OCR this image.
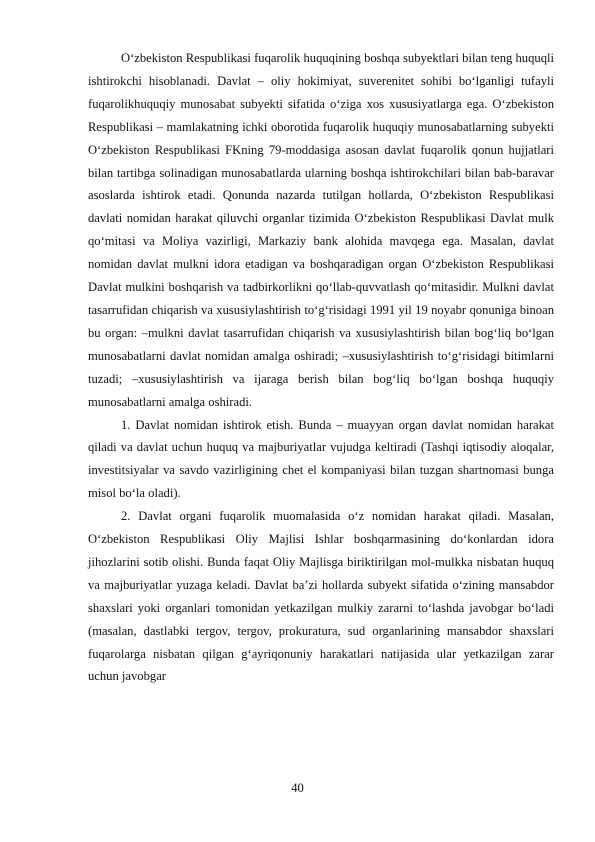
O‘zbekiston Respublikasi fuqarolik huquqining boshqa subyektlari bilan teng huquqli ishtirokchi hisoblanadi. Davlat – oliy hokimiyat, suverenitet sohibi bo‘lganligi tufayli fuqarolikhuquqiy munosabat subyekti sifatida o‘ziga xos xususiyatlarga ega. O‘zbekiston Respublikasi – mamlakatning ichki oborotida fuqarolik huquqiy munosabatlarning subyekti O‘zbekiston Respublikasi FKning 79-moddasiga asosan davlat fuqarolik qonun hujjatlari bilan tartibga solinadigan munosabatlarda ularning boshqa ishtirokchilari bilan bab-baravar asoslarda ishtirok etadi. Qonunda nazarda tutilgan hollarda, O‘zbekiston Respublikasi davlati nomidan harakat qiluvchi organlar tizimida O‘zbekiston Respublikasi Davlat mulk qo‘mitasi va Moliya vazirligi, Markaziy bank alohida mavqega ega. Masalan, davlat nomidan davlat mulkni idora etadigan va boshqaradigan organ O‘zbekiston Respublikasi Davlat mulkini boshqarish va tadbirkorlikni qo‘llab-quvvatlash qo‘mitasidir. Mulkni davlat tasarrufidan chiqarish va xususiylashtirish to‘g‘risidagi 1991 yil 19 noyabr qonuniga binoan bu organ: –mulkni davlat tasarrufidan chiqarish va xususiylashtirish bilan bog‘liq bo‘lgan munosabatlarni davlat nomidan amalga oshiradi; –xususiylashtirish to‘g‘risidagi bitimlarni tuzadi; –xususiylashtirish va ijaraga berish bilan bog‘liq bo‘lgan boshqa huquqiy munosabatlarni amalga oshiradi.

1. Davlat nomidan ishtirok etish. Bunda – muayyan organ davlat nomidan harakat qiladi va davlat uchun huquq va majburiyatlar vujudga keltiradi (Tashqi iqtisodiy aloqalar, investitsiyalar va savdo vazirligining chet el kompaniyasi bilan tuzgan shartnomasi bunga misol bo‘la oladi).

2. Davlat organi fuqarolik muomalasida o‘z nomidan harakat qiladi. Masalan, O‘zbekiston Respublikasi Oliy Majlisi Ishlar boshqarmasining do‘konlardan idora jihozlarini sotib olishi. Bunda faqat Oliy Majlisga biriktirilgan mol-mulkka nisbatan huquq va majburiyatlar yuzaga keladi. Davlat ba’zi hollarda subyekt sifatida o‘zining mansabdor shaxslari yoki organlari tomonidan yetkazilgan mulkiy zararni to‘lashda javobgar bo‘ladi (masalan, dastlabki tergov, tergov, prokuratura, sud organlarining mansabdor shaxslari fuqarolarga nisbatan qilgan g‘ayriqonuniy harakatlari natijasida ular yetkazilgan zarar uchun javobgar

40
